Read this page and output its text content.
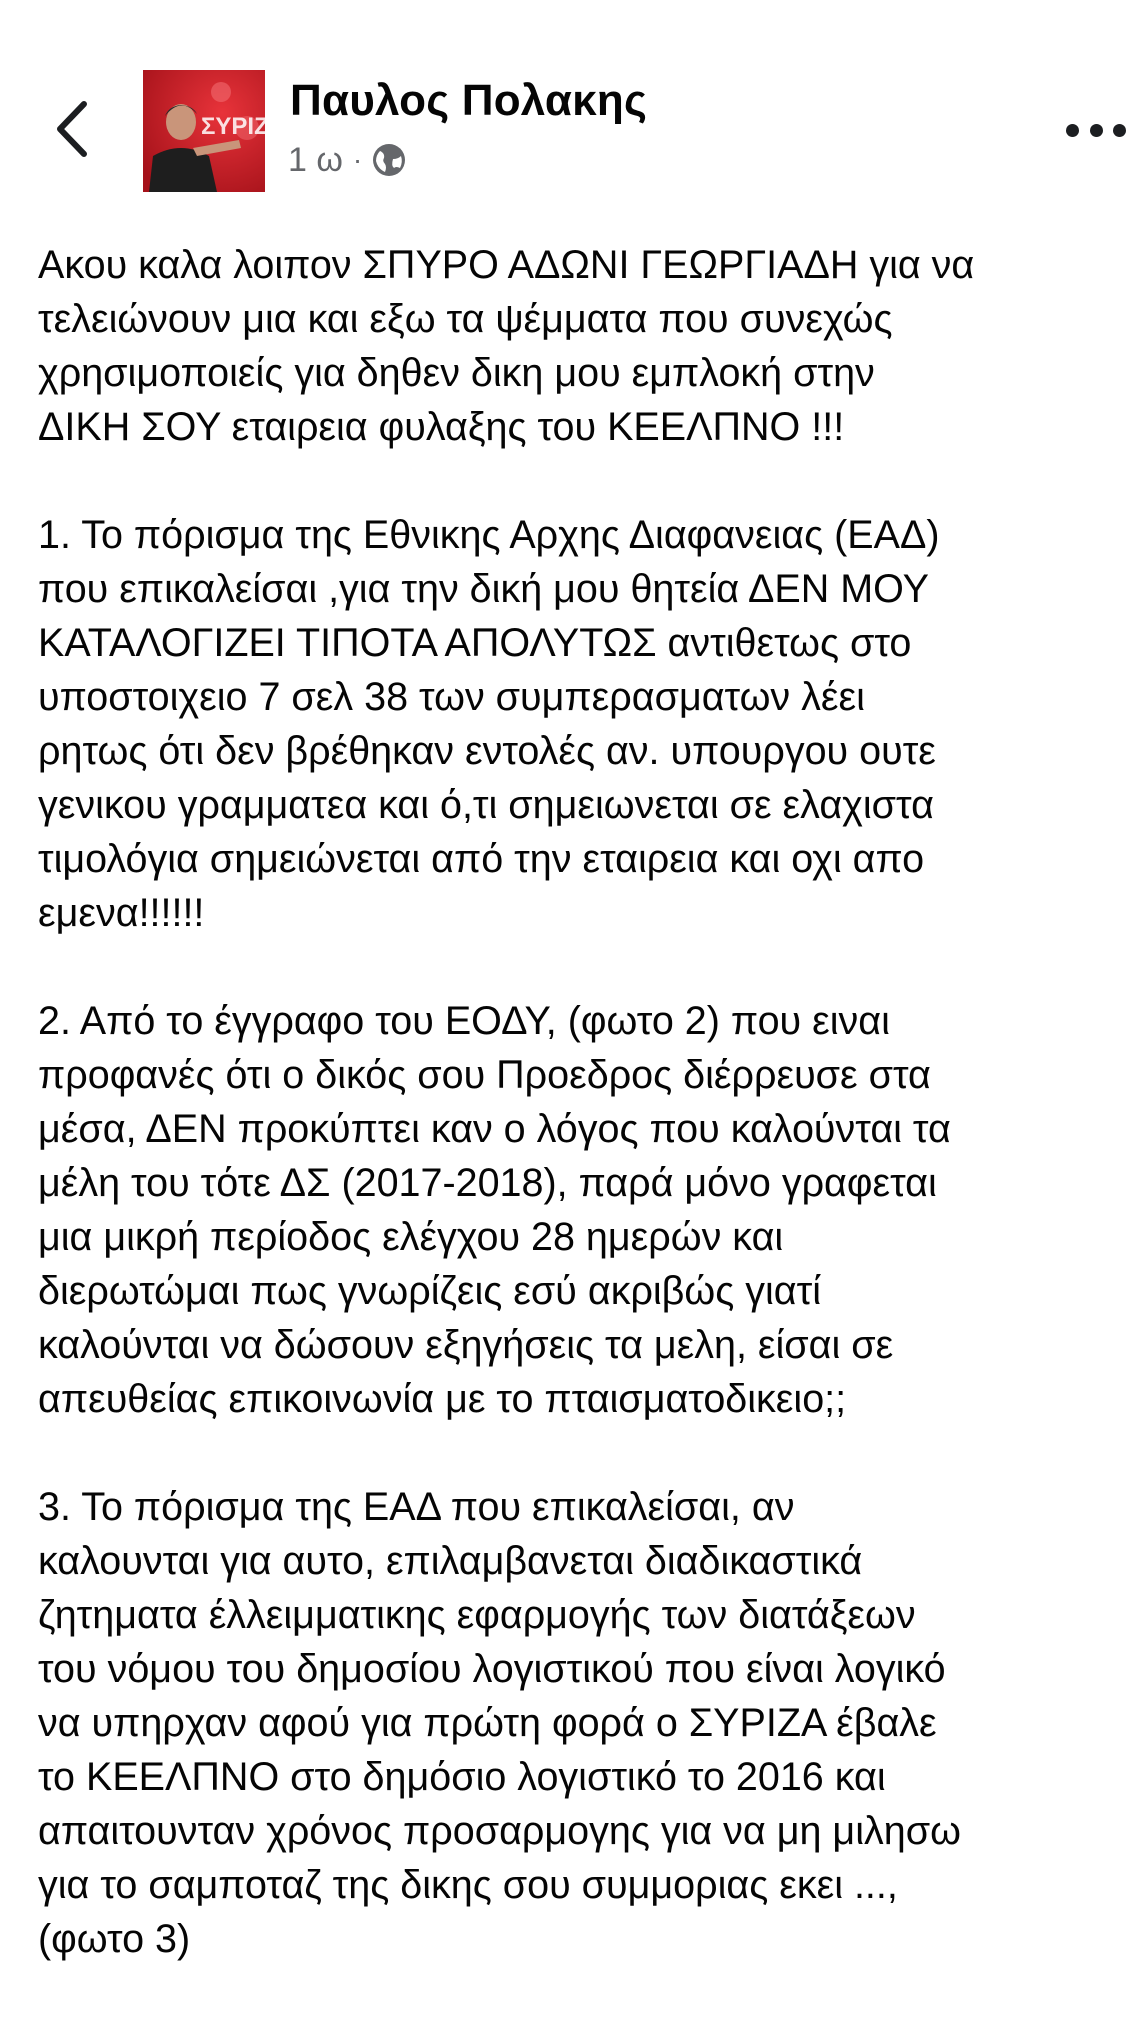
ΣΥΡΙΖΑ
Παυλος Πολακης
1 ω ·
Ακου καλα λοιπον ΣΠΥΡΟ ΑΔΩΝΙ ΓΕΩΡΓΙΑΔΗ για να
τελειώνουν μια και εξω τα ψέμματα που συνεχώς
χρησιμοποιείς για δηθεν δικη μου εμπλοκή στην
ΔΙΚΗ ΣΟΥ εταιρεια φυλαξης του ΚΕΕΛΠΝΟ !!!
1. Το πόρισμα της Εθνικης Αρχης Διαφανειας (ΕΑΔ)
που επικαλείσαι ,για την δική μου θητεία ΔΕΝ ΜΟΥ
ΚΑΤΑΛΟΓΙΖΕΙ ΤΙΠΟΤΑ ΑΠΟΛΥΤΩΣ αντιθετως στο
υποστοιχειο 7 σελ 38 των συμπερασματων λέει
ρητως ότι δεν βρέθηκαν εντολές αν. υπουργου ουτε
γενικου γραμματεα και ό,τι σημειωνεται σε ελαχιστα
τιμολόγια σημειώνεται από την εταιρεια και οχι απο
εμενα!!!!!!
2. Από το έγγραφο του ΕΟΔΥ, (φωτο 2) που ειναι
προφανές ότι ο δικός σου Προεδρος διέρρευσε στα
μέσα, ΔΕΝ προκύπτει καν ο λόγος που καλούνται τα
μέλη του τότε ΔΣ (2017-2018), παρά μόνο γραφεται
μια μικρή περίοδος ελέγχου 28 ημερών και
διερωτώμαι πως γνωρίζεις εσύ ακριβώς γιατί
καλούνται να δώσουν εξηγήσεις τα μελη, είσαι σε
απευθείας επικοινωνία με το πταισματοδικειο;;
3. Το πόρισμα της ΕΑΔ που επικαλείσαι, αν
καλουνται για αυτο, επιλαμβανεται διαδικαστικά
ζητηματα έλλειμματικης εφαρμογής των διατάξεων
του νόμου του δημοσίου λογιστικού που είναι λογικό
να υπηρχαν αφού για πρώτη φορά ο ΣΥΡΙΖΑ έβαλε
το ΚΕΕΛΠΝΟ στο δημόσιο λογιστικό το 2016 και
απαιτουνταν χρόνος προσαρμογης για να μη μιλησω
για το σαμποταζ της δικης σου συμμοριας εκει ...,
(φωτο 3)
